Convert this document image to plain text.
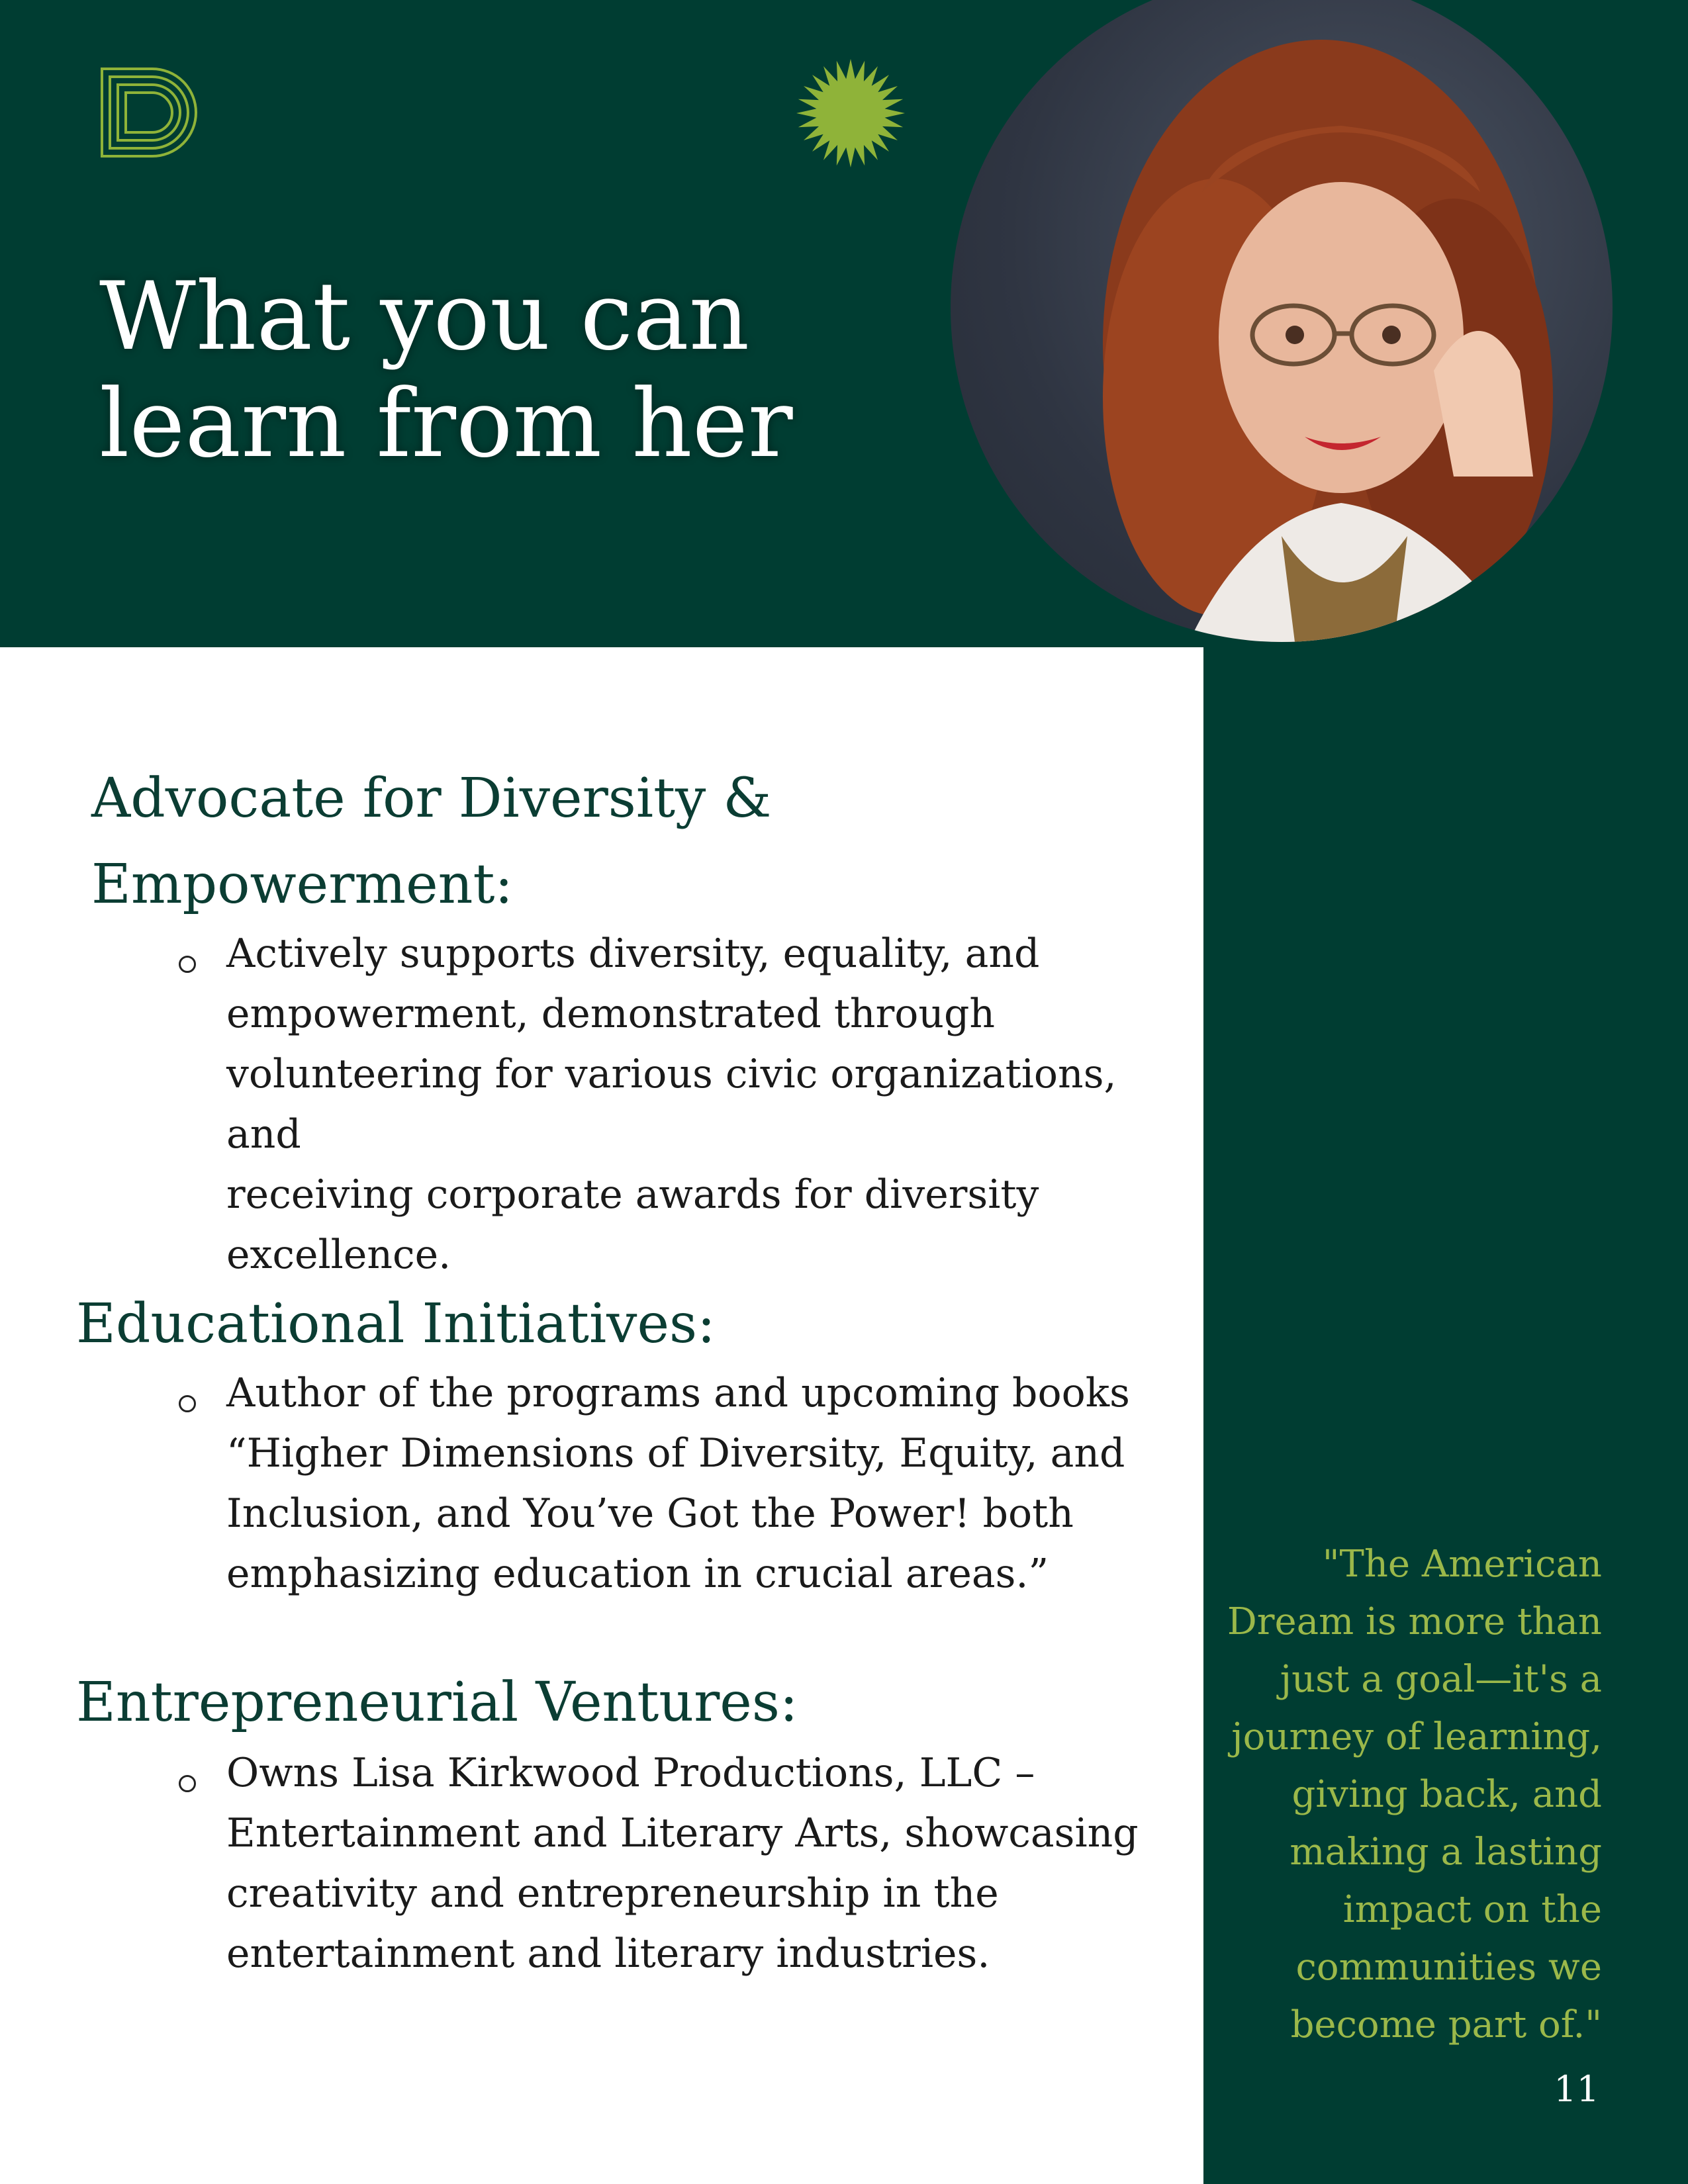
What you can
learn from her
Advocate for Diversity &
Empowerment:

Actively supports diversity, equality, and
empowerment, demonstrated through
volunteering for various civic organizations, and
receiving corporate awards for diversity
excellence.

Educational Initiatives:

Author of the programs and upcoming books
“Higher Dimensions of Diversity, Equity, and
Inclusion, and You’ve Got the Power! both
emphasizing education in crucial areas.”

Entrepreneurial Ventures:

Owns Lisa Kirkwood Productions, LLC –
Entertainment and Literary Arts, showcasing
creativity and entrepreneurship in the
entertainment and literary industries.

"The American
Dream is more than
just a goal—it's a
journey of learning,
giving back, and
making a lasting
impact on the
communities we
become part of."

11
